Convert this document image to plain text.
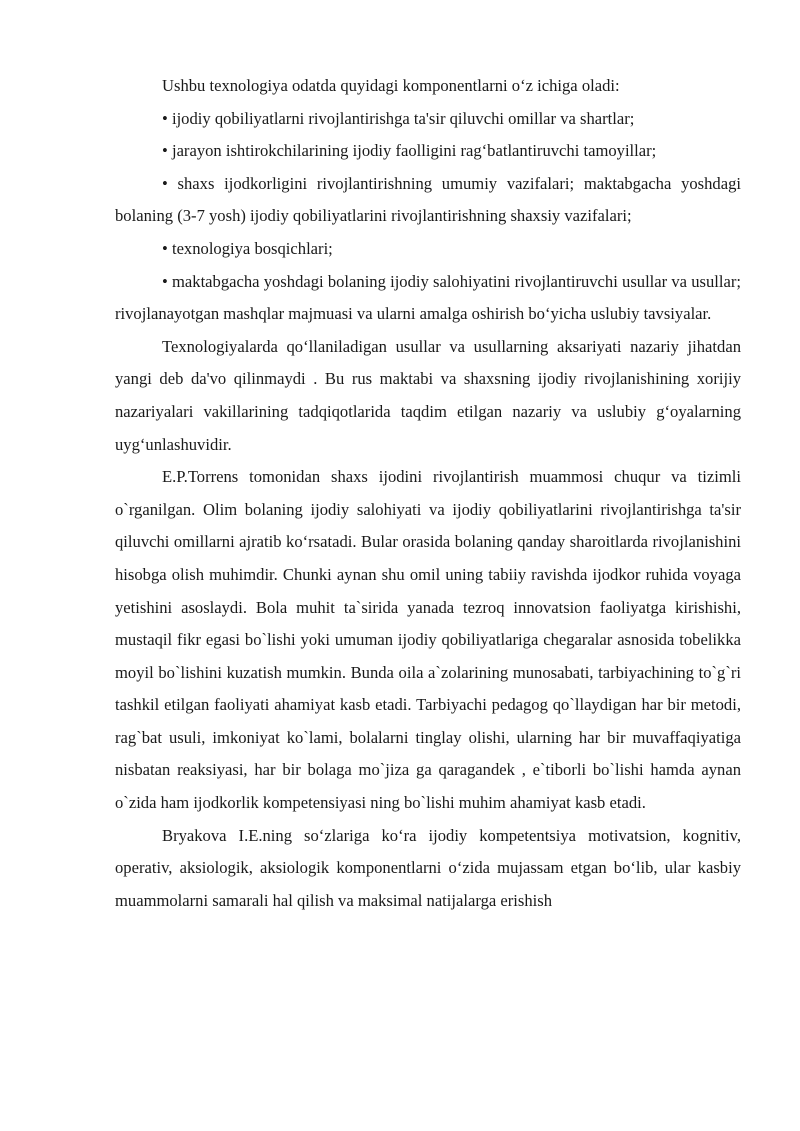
Ushbu texnologiya odatda quyidagi komponentlarni o‘z ichiga oladi:

• ijodiy qobiliyatlarni rivojlantirishga ta'sir qiluvchi omillar va shartlar;

• jarayon ishtirokchilarining ijodiy faolligini rag‘batlantiruvchi tamoyillar;

• shaxs ijodkorligini rivojlantirishning umumiy vazifalari; maktabgacha yoshdagi bolaning (3-7 yosh) ijodiy qobiliyatlarini rivojlantirishning shaxsiy vazifalari;

• texnologiya bosqichlari;

• maktabgacha yoshdagi bolaning ijodiy salohiyatini rivojlantiruvchi usullar va usullar; rivojlanayotgan mashqlar majmuasi va ularni amalga oshirish bo‘yicha uslubiy tavsiyalar.

Texnologiyalarda qo‘llaniladigan usullar va usullarning aksariyati nazariy jihatdan yangi deb da'vo qilinmaydi . Bu rus maktabi va shaxsning ijodiy rivojlanishining xorijiy nazariyalari vakillarining tadqiqotlarida taqdim etilgan nazariy va uslubiy g‘oyalarning uyg‘unlashuvidir.

E.P.Torrens tomonidan shaxs ijodini rivojlantirish muammosi chuqur va tizimli o`rganilgan. Olim bolaning ijodiy salohiyati va ijodiy qobiliyatlarini rivojlantirishga ta'sir qiluvchi omillarni ajratib ko‘rsatadi. Bular orasida bolaning qanday sharoitlarda rivojlanishini hisobga olish muhimdir. Chunki aynan shu omil uning tabiiy ravishda ijodkor ruhida voyaga yetishini asoslaydi. Bola muhit ta`sirida yanada tezroq innovatsion faoliyatga kirishishi, mustaqil fikr egasi bo`lishi yoki umuman ijodiy qobiliyatlariga chegaralar asnosida tobelikka moyil bo`lishini kuzatish mumkin. Bunda oila a`zolarining munosabati, tarbiyachining to`g`ri tashkil etilgan faoliyati ahamiyat kasb etadi. Tarbiyachi pedagog qo`llaydigan har bir metodi, rag`bat usuli, imkoniyat ko`lami, bolalarni tinglay olishi, ularning har bir muvaffaqiyatiga nisbatan reaksiyasi, har bir bolaga mo`jiza ga qaragandek , e`tiborli bo`lishi hamda aynan o`zida ham ijodkorlik kompetensiyasi ning bo`lishi muhim ahamiyat kasb etadi.

Bryakova I.E.ning so‘zlariga ko‘ra ijodiy kompetentsiya motivatsion, kognitiv, operativ, aksiologik, aksiologik komponentlarni o‘zida mujassam etgan bo‘lib, ular kasbiy muammolarni samarali hal qilish va maksimal natijalarga erishish
